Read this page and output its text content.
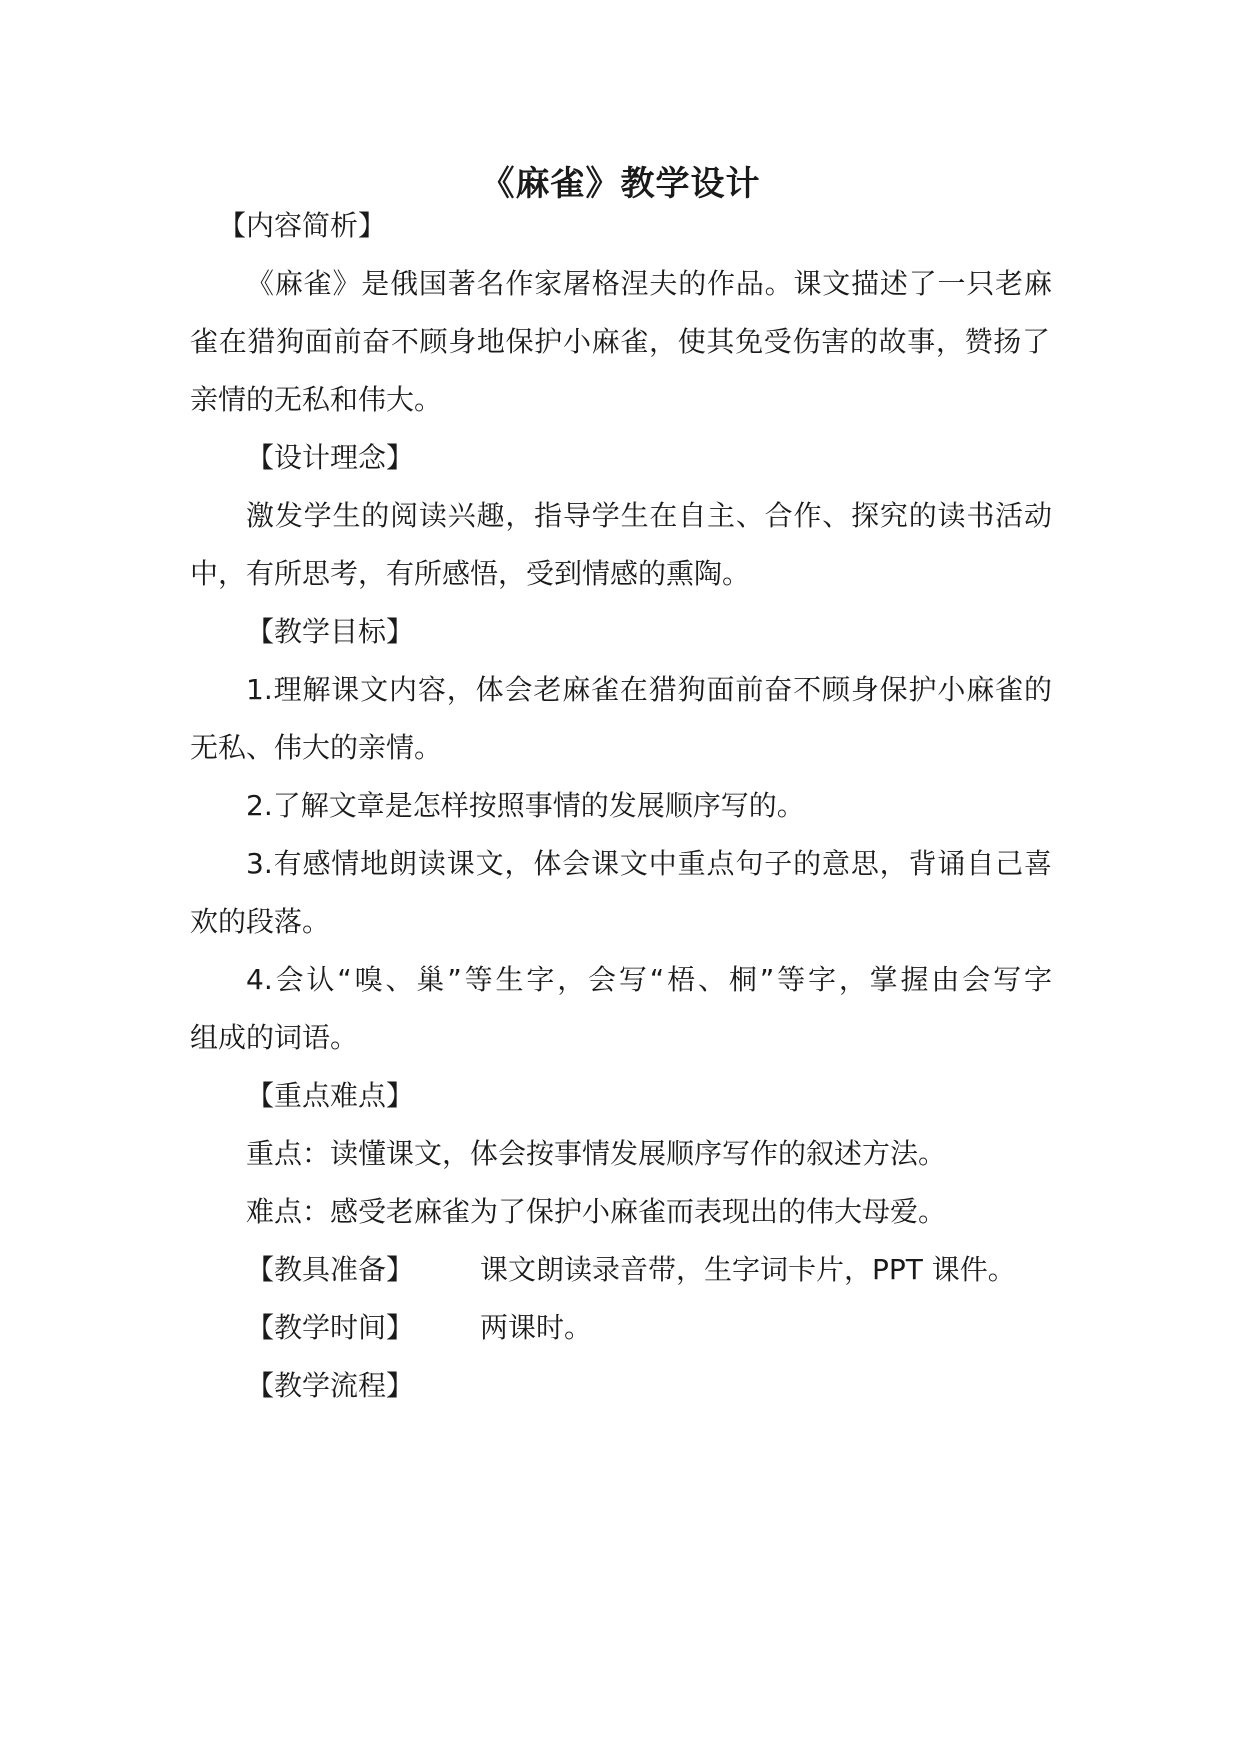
《麻雀》教学设计
【内容简析】
《麻雀》是俄国著名作家屠格涅夫的作品。课文描述了一只老麻
雀在猎狗面前奋不顾身地保护小麻雀，使其免受伤害的故事，赞扬了
亲情的无私和伟大。
【设计理念】
激发学生的阅读兴趣，指导学生在自主、合作、探究的读书活动
中，有所思考，有所感悟，受到情感的熏陶。
【教学目标】
1.理解课文内容，体会老麻雀在猎狗面前奋不顾身保护小麻雀的
无私、伟大的亲情。
2.了解文章是怎样按照事情的发展顺序写的。
3.有感情地朗读课文，体会课文中重点句子的意思，背诵自己喜
欢的段落。
4.会认“嗅、巢”等生字，会写“梧、桐”等字，掌握由会写字
组成的词语。
【重点难点】
重点：读懂课文，体会按事情发展顺序写作的叙述方法。
难点：感受老麻雀为了保护小麻雀而表现出的伟大母爱。
【教具准备】 课文朗读录音带，生字词卡片，PPT 课件。
【教学时间】 两课时。
【教学流程】
